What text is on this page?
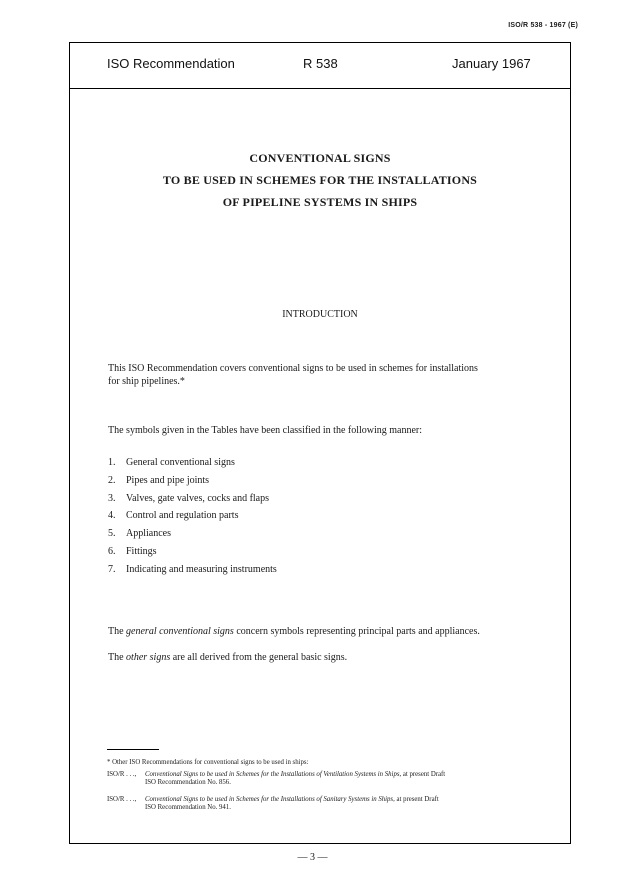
ISO/R 538 - 1967 (E)
ISO Recommendation	R 538	January 1967
CONVENTIONAL SIGNS
TO BE USED IN SCHEMES FOR THE INSTALLATIONS
OF PIPELINE SYSTEMS IN SHIPS
INTRODUCTION
This ISO Recommendation covers conventional signs to be used in schemes for installations
for ship pipelines.*
The symbols given in the Tables have been classified in the following manner:
1. General conventional signs
2. Pipes and pipe joints
3. Valves, gate valves, cocks and flaps
4. Control and regulation parts
5. Appliances
6. Fittings
7. Indicating and measuring instruments
The general conventional signs concern symbols representing principal parts and appliances.
The other signs are all derived from the general basic signs.
* Other ISO Recommendations for conventional signs to be used in ships:
ISO/R . . ., Conventional Signs to be used in Schemes for the Installations of Ventilation Systems in Ships, at present Draft
ISO Recommendation No. 856.
ISO/R . . ., Conventional Signs to be used in Schemes for the Installations of Sanitary Systems in Ships, at present Draft
ISO Recommendation No. 941.
— 3 —
